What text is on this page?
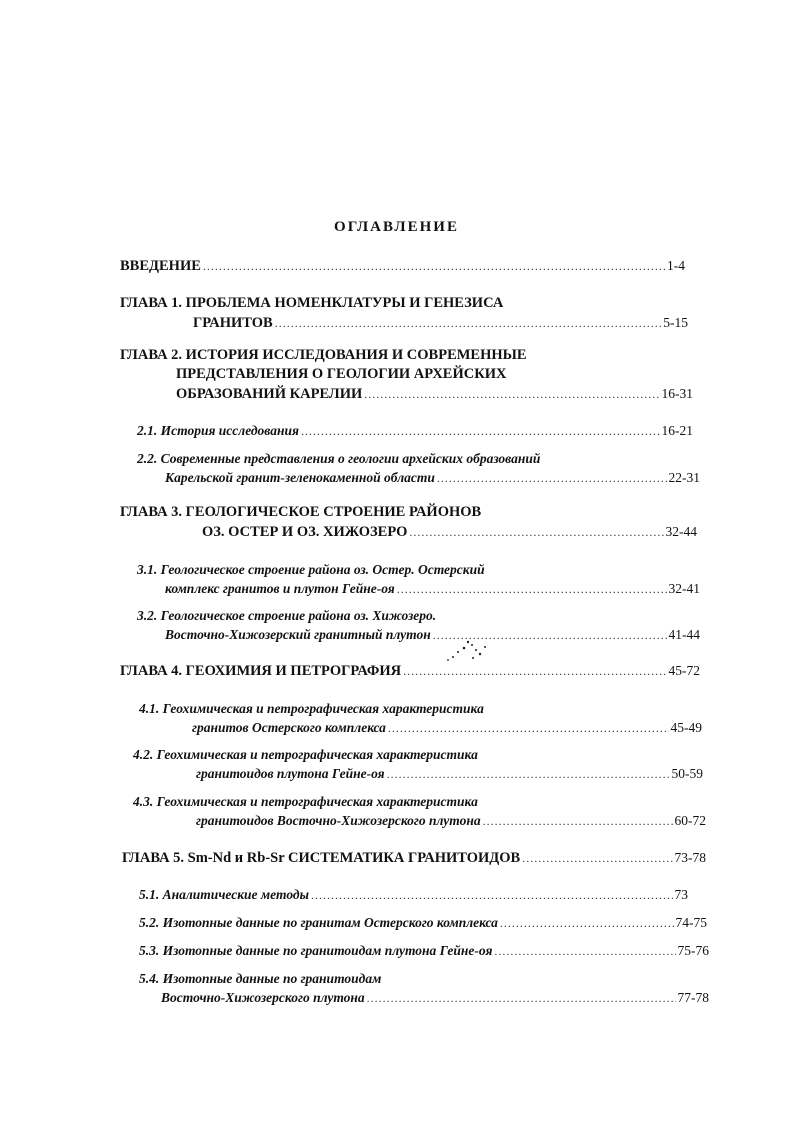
ОГЛАВЛЕНИЕ
ВВЕДЕНИЕ .....	1-4
ГЛАВА 1. ПРОБЛЕМА НОМЕНКЛАТУРЫ И ГЕНЕЗИСА
ГРАНИТОВ .....	5-15
ГЛАВА 2. ИСТОРИЯ ИССЛЕДОВАНИЯ И СОВРЕМЕННЫЕ
ПРЕДСТАВЛЕНИЯ О ГЕОЛОГИИ АРХЕЙСКИХ
ОБРАЗОВАНИЙ КАРЕЛИИ .....	16-31
2.1. История исследования .....	16-21
2.2. Современные представления о геологии архейских образований
Карельской гранит-зеленокаменной области .....	22-31
ГЛАВА 3. ГЕОЛОГИЧЕСКОЕ СТРОЕНИЕ РАЙОНОВ
ОЗ. ОСТЕР И ОЗ. ХИЖОЗЕРО .....	32-44
3.1. Геологическое строение района оз. Остер. Остерский
комплекс гранитов и плутон Гейне-оя .....	32-41
3.2. Геологическое строение района оз. Хижозеро.
Восточно-Хижозерский гранитный плутон .....	41-44
ГЛАВА 4. ГЕОХИМИЯ И ПЕТРОГРАФИЯ .....	45-72
4.1. Геохимическая и петрографическая характеристика
гранитов Остерского комплекса .....	45-49
4.2. Геохимическая и петрографическая характеристика
гранитоидов плутона Гейне-оя .....	50-59
4.3. Геохимическая и петрографическая характеристика
гранитоидов Восточно-Хижозерского плутона .....	60-72
ГЛАВА 5. Sm-Nd и Rb-Sr СИСТЕМАТИКА ГРАНИТОИДОВ .....	73-78
5.1. Аналитические методы .....	73
5.2. Изотопные данные по гранитам Остерского комплекса .....	74-75
5.3. Изотопные данные по гранитоидам плутона Гейне-оя .....	75-76
5.4. Изотопные данные по гранитоидам
Восточно-Хижозерского плутона .....	77-78
